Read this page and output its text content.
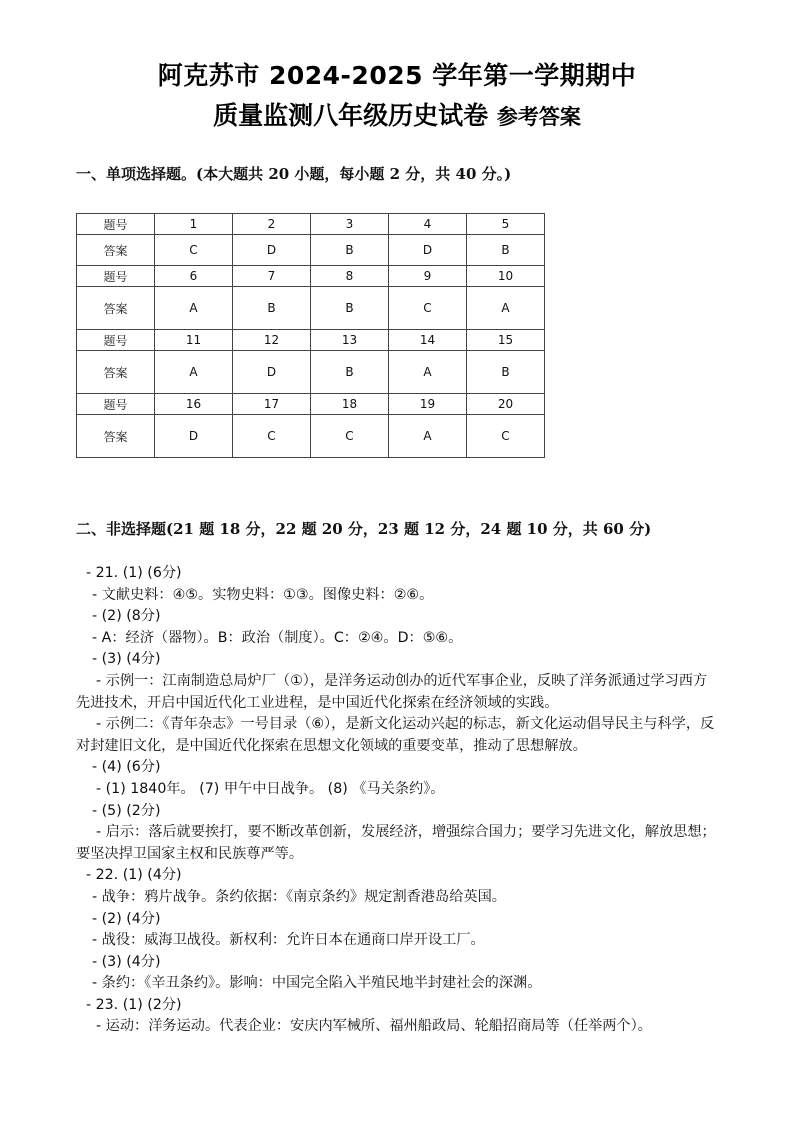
阿克苏市 2024-2025 学年第一学期期中
质量监测八年级历史试卷 参考答案
一、单项选择题。(本大题共 20 小题，每小题 2 分，共 40 分。)
题号	1	2	3	4	5
答案	C	D	B	D	B
题号	6	7	8	9	10
答案	A	B	B	C	A
题号	11	12	13	14	15
答案	A	D	B	A	B
题号	16	17	18	19	20
答案	D	C	C	A	C
二、非选择题(21 题 18 分，22 题 20 分，23 题 12 分，24 题 10 分，共 60 分)
- 21. (1) (6分)
- 文献史料：④⑤。实物史料：①③。图像史料：②⑥。
- (2) (8分)
- A：经济（器物）。B：政治（制度）。C：②④。D：⑤⑥。
- (3) (4分)
- 示例一：江南制造总局炉厂（①），是洋务运动创办的近代军事企业，反映了洋务派通过学习西方先进技术，开启中国近代化工业进程，是中国近代化探索在经济领域的实践。
- 示例二：《青年杂志》一号目录（⑥），是新文化运动兴起的标志，新文化运动倡导民主与科学，反对封建旧文化，是中国近代化探索在思想文化领域的重要变革，推动了思想解放。
- (4) (6分)
- (1) 1840年。 (7) 甲午中日战争。 (8) 《马关条约》。
- (5) (2分)
- 启示：落后就要挨打，要不断改革创新，发展经济，增强综合国力；要学习先进文化，解放思想；要坚决捍卫国家主权和民族尊严等。
- 22. (1) (4分)
- 战争：鸦片战争。条约依据：《南京条约》规定割香港岛给英国。
- (2) (4分)
- 战役：威海卫战役。新权利：允许日本在通商口岸开设工厂。
- (3) (4分)
- 条约：《辛丑条约》。影响：中国完全陷入半殖民地半封建社会的深渊。
- 23. (1) (2分)
- 运动：洋务运动。代表企业：安庆内军械所、福州船政局、轮船招商局等（任举两个）。
